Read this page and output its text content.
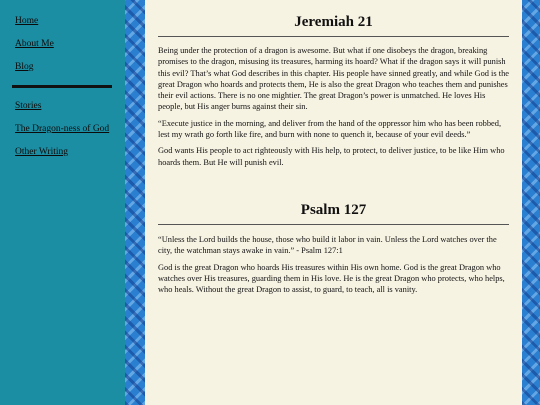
Home
About Me
Blog
Stories
The Dragon-ness of God
Other Writing
Jeremiah 21

Being under the protection of a dragon is awesome. But what if one disobeys the dragon, breaking promises to the dragon, misusing its treasures, harming its hoard? What if the dragon says it will punish this evil? That’s what God describes in this chapter. His people have sinned greatly, and while God is the great Dragon who hoards and protects them, He is also the great Dragon who teaches them and punishes their evil actions. There is no one mightier. The great Dragon’s power is unmatched. He loves His people, but His anger burns against their sin.

“Execute justice in the morning, and deliver from the hand of the oppressor him who has been robbed, lest my wrath go forth like fire, and burn with none to quench it, because of your evil deeds.”

God wants His people to act righteously with His help, to protect, to deliver justice, to be like Him who hoards them. But He will punish evil.

Psalm 127

“Unless the Lord builds the house, those who build it labor in vain. Unless the Lord watches over the city, the watchman stays awake in vain.” - Psalm 127:1

God is the great Dragon who hoards His treasures within His own home. God is the great Dragon who watches over His treasures, guarding them in His love. He is the great Dragon who protects, who helps, who heals. Without the great Dragon to assist, to guard, to teach, all is vanity.
